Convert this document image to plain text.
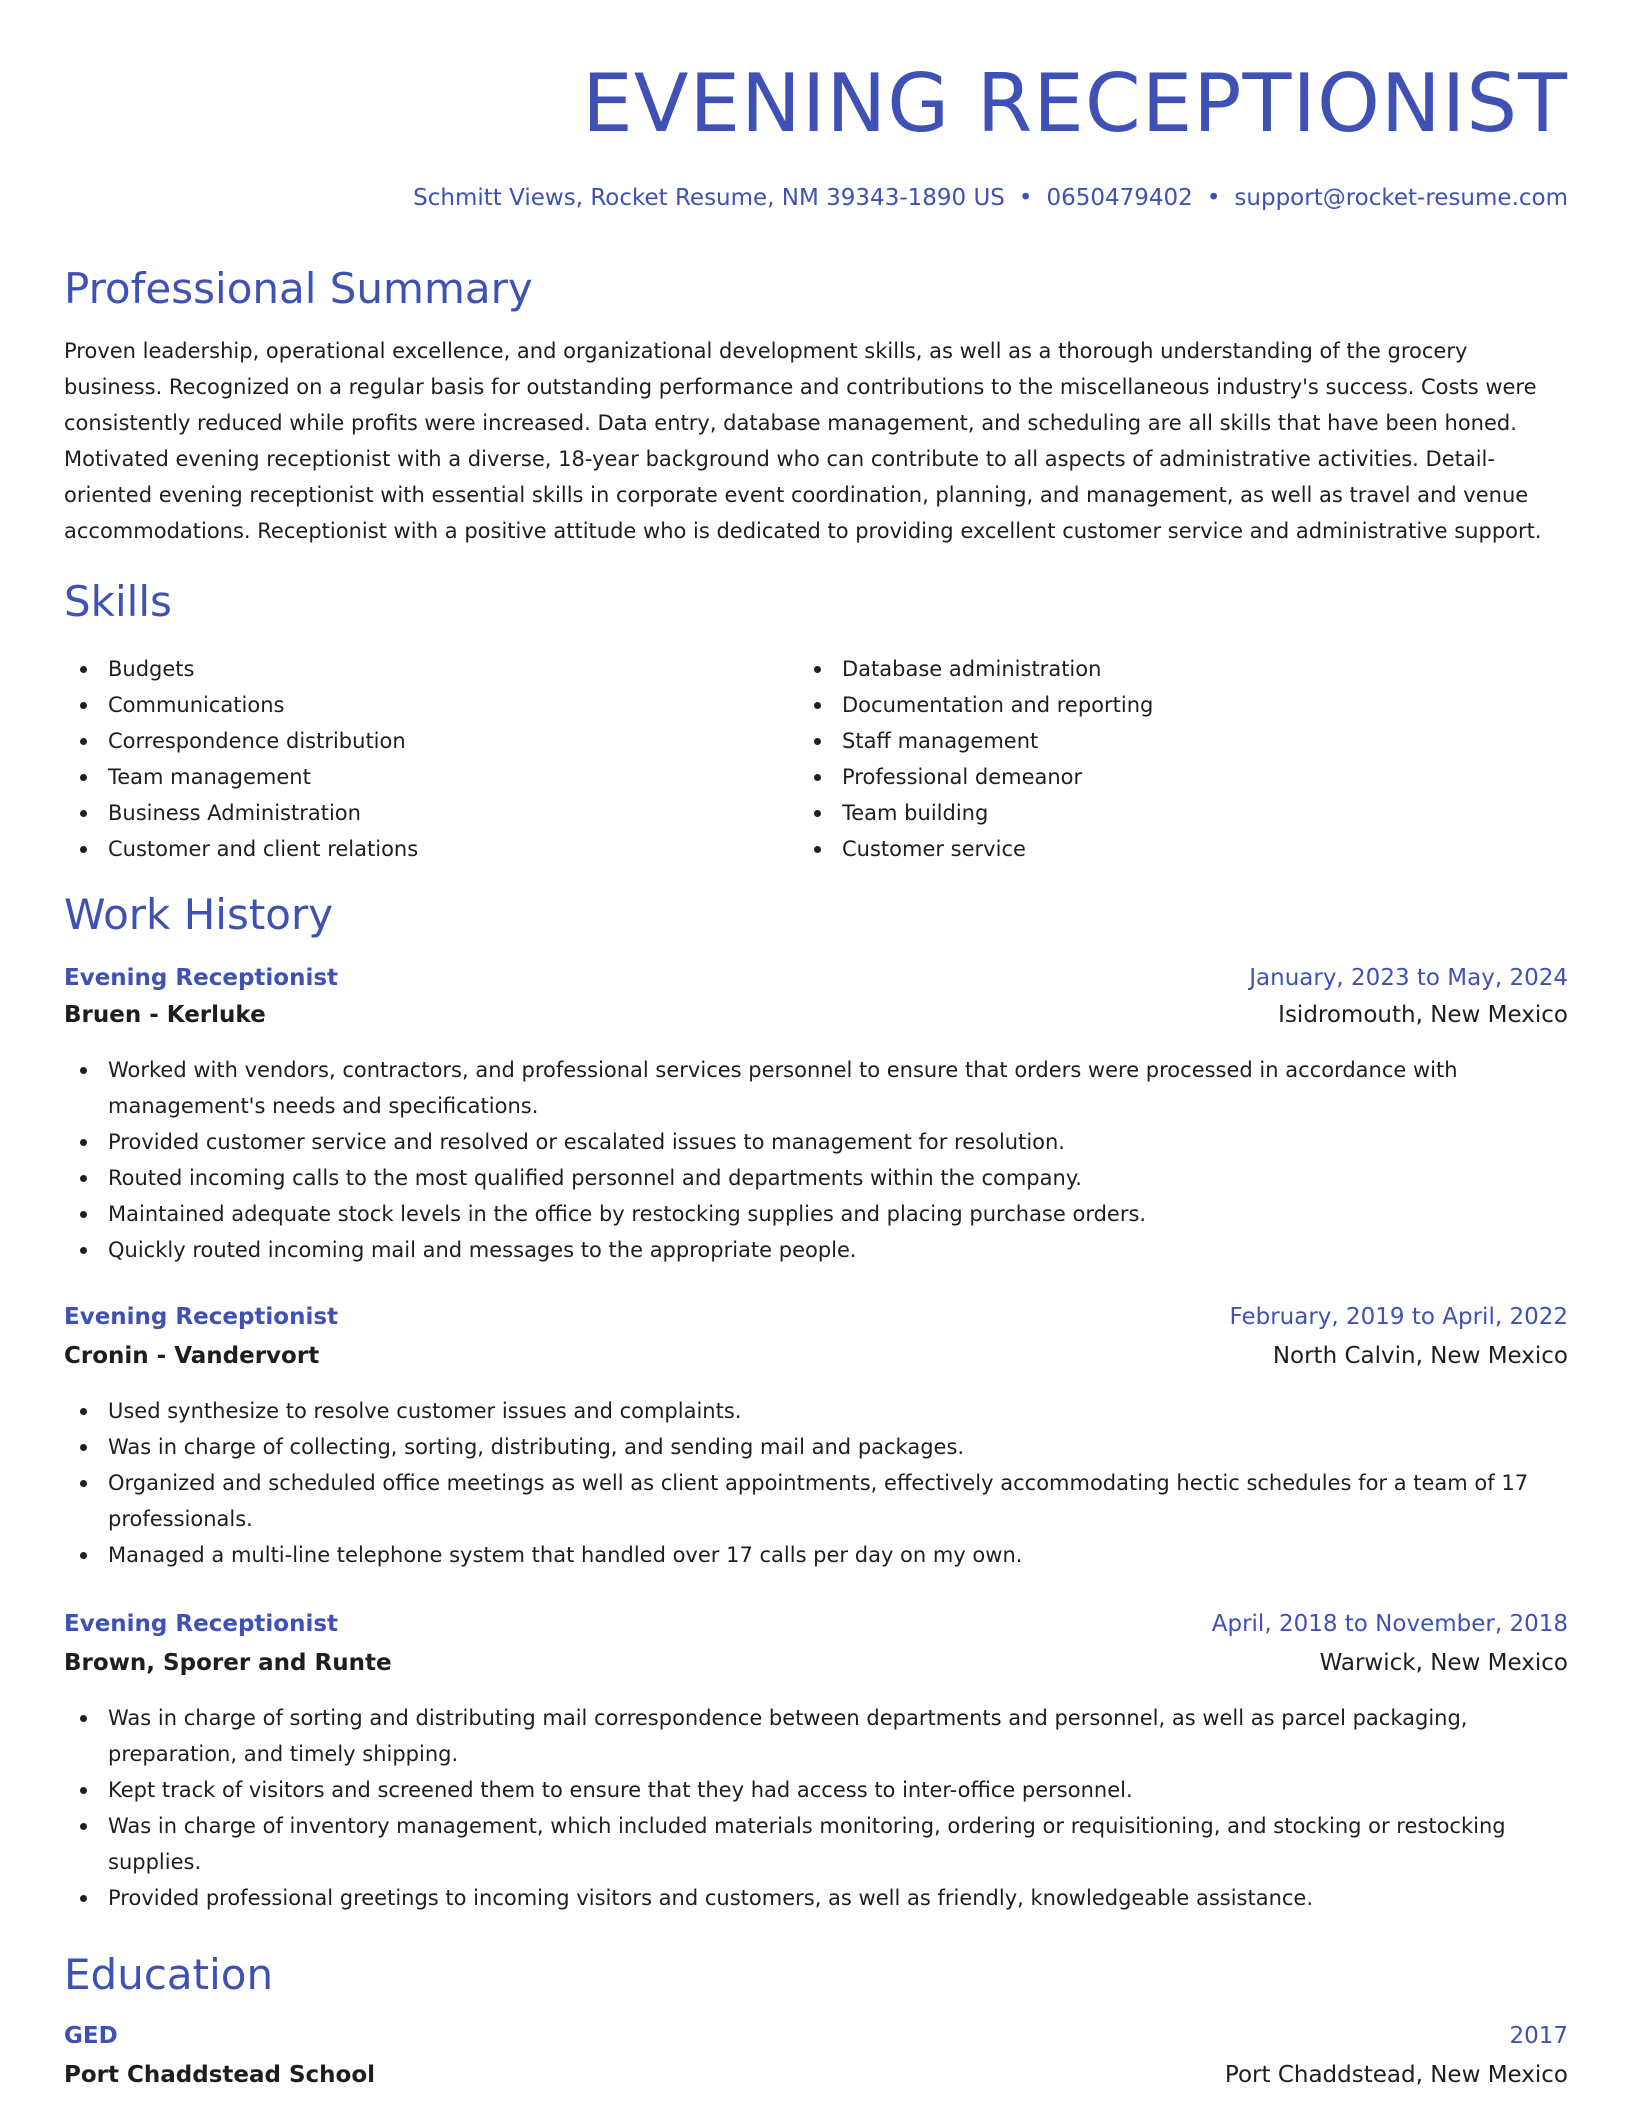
EVENING RECEPTIONIST
Schmitt Views, Rocket Resume, NM 39343-1890 US • 0650479402 • support@rocket-resume.com
Professional Summary

Proven leadership, operational excellence, and organizational development skills, as well as a thorough understanding of the grocery business. Recognized on a regular basis for outstanding performance and contributions to the miscellaneous industry's success. Costs were consistently reduced while profits were increased. Data entry, database management, and scheduling are all skills that have been honed. Motivated evening receptionist with a diverse, 18-year background who can contribute to all aspects of administrative activities. Detail-oriented evening receptionist with essential skills in corporate event coordination, planning, and management, as well as travel and venue accommodations. Receptionist with a positive attitude who is dedicated to providing excellent customer service and administrative support.

Skills
Budgets
Communications
Correspondence distribution
Team management
Business Administration
Customer and client relations
Database administration
Documentation and reporting
Staff management
Professional demeanor
Team building
Customer service
Work History
Evening Receptionist	January, 2023 to May, 2024
Bruen - Kerluke	Isidromouth, New Mexico
Worked with vendors, contractors, and professional services personnel to ensure that orders were processed in accordance with management's needs and specifications.
Provided customer service and resolved or escalated issues to management for resolution.
Routed incoming calls to the most qualified personnel and departments within the company.
Maintained adequate stock levels in the office by restocking supplies and placing purchase orders.
Quickly routed incoming mail and messages to the appropriate people.
Evening Receptionist	February, 2019 to April, 2022
Cronin - Vandervort	North Calvin, New Mexico
Used synthesize to resolve customer issues and complaints.
Was in charge of collecting, sorting, distributing, and sending mail and packages.
Organized and scheduled office meetings as well as client appointments, effectively accommodating hectic schedules for a team of 17 professionals.
Managed a multi-line telephone system that handled over 17 calls per day on my own.
Evening Receptionist	April, 2018 to November, 2018
Brown, Sporer and Runte	Warwick, New Mexico
Was in charge of sorting and distributing mail correspondence between departments and personnel, as well as parcel packaging, preparation, and timely shipping.
Kept track of visitors and screened them to ensure that they had access to inter-office personnel.
Was in charge of inventory management, which included materials monitoring, ordering or requisitioning, and stocking or restocking supplies.
Provided professional greetings to incoming visitors and customers, as well as friendly, knowledgeable assistance.
Education
GED	2017
Port Chaddstead School	Port Chaddstead, New Mexico
